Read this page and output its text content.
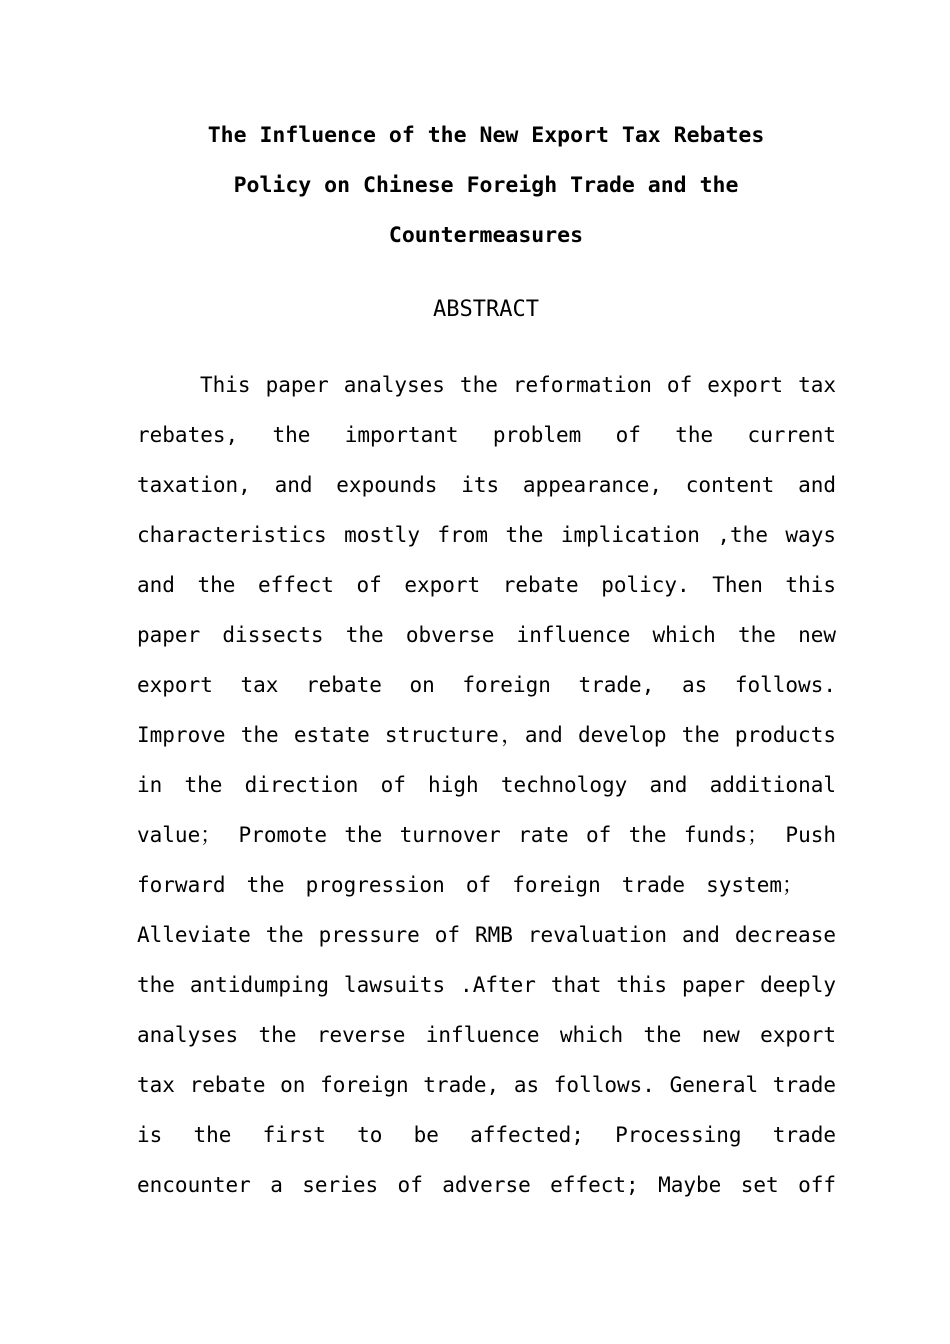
The Influence of the New Export Tax Rebates
Policy on Chinese Foreigh Trade and the
Countermeasures
ABSTRACT
This paper analyses the reformation of export tax
rebates, the important problem of the current
taxation, and expounds its appearance, content and
characteristics mostly from the implication ,the ways
and the effect of export rebate policy. Then this
paper dissects the obverse influence which the new
export tax rebate on foreign trade, as follows.
Improve the estate structure，and develop the products
in the direction of high technology and additional
value； Promote the turnover rate of the funds； Push
forward the progression of foreign trade system；
Alleviate the pressure of RMB revaluation and decrease
the antidumping lawsuits .After that this paper deeply
analyses the reverse influence which the new export
tax rebate on foreign trade, as follows. General trade
is the first to be affected; Processing trade
encounter a series of adverse effect; Maybe set off
